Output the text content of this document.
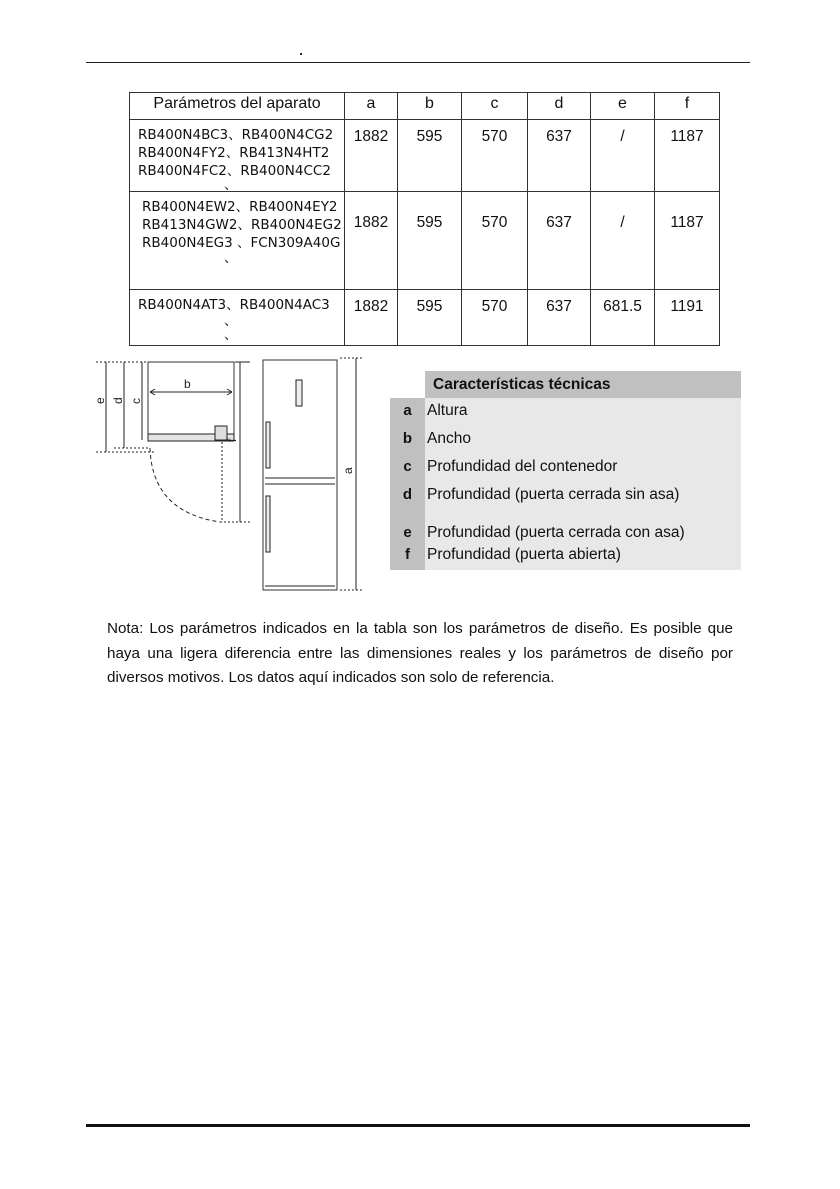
Parámetros del aparato	a	b	c	d	e	f

RB400N4BC3、RB400N4CG2
RB400N4FY2、RB413N4HT2
RB400N4FC2、RB400N4CC2
、	1882	595	570	637	/	1187

RB400N4EW2、RB400N4EY2
RB413N4GW2、RB400N4EG2
RB400N4EG3 、FCN309A40G
、	1882	595	570	637	/	1187

RB400N4AT3、RB400N4AC3
、
、	1882	595	570	637	681.5	1191
e d c
b
f
a
Características técnicas
a Altura
b Ancho
c Profundidad del contenedor
d Profundidad (puerta cerrada sin asa)
e Profundidad (puerta cerrada con asa)
f	Profundidad (puerta abierta)

Nota: Los parámetros indicados en la tabla son los parámetros de diseño. Es posible que haya una ligera diferencia entre las dimensiones reales y los parámetros de diseño por diversos motivos. Los datos aquí indicados son solo de referencia.
